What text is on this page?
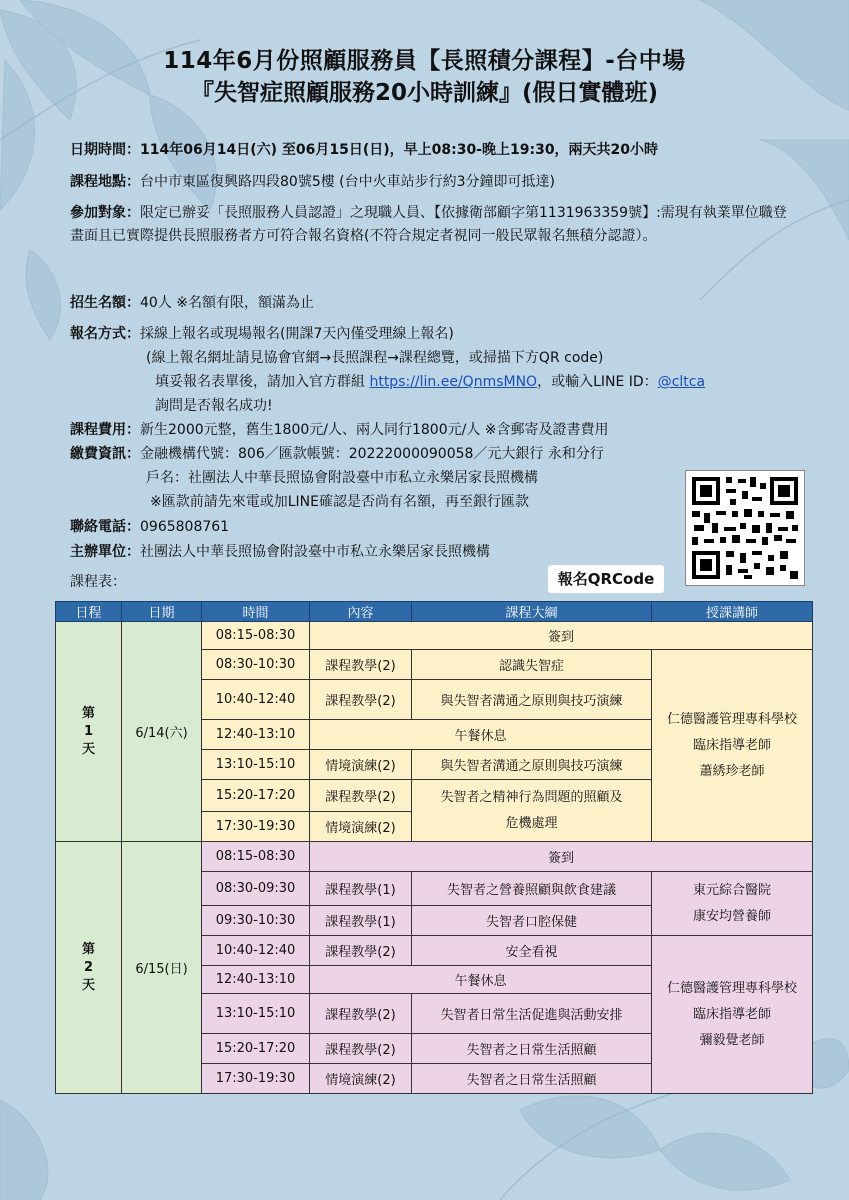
114年6月份照顧服務員【長照積分課程】-台中場
『失智症照顧服務20小時訓練』(假日實體班)
日期時間：114年06月14日(六) 至06月15日(日)，早上08:30-晚上19:30，兩天共20小時
課程地點：台中市東區復興路四段80號5樓 (台中火車站步行約3分鐘即可抵達)
參加對象：限定已辦妥「長照服務人員認證」之現職人員、【依據衛部顧字第1131963359號】:需現有執業單位職登畫面且已實際提供長照服務者方可符合報名資格(不符合規定者視同一般民眾報名無積分認證）。
招生名額：40人 ※名額有限，額滿為止
報名方式：採線上報名或現場報名(開課7天內僅受理線上報名)
(線上報名網址請見協會官網→長照課程→課程總覽，或掃描下方QR code)
填妥報名表單後，請加入官方群組 https://lin.ee/QnmsMNO，或輸入LINE ID：@cltca
詢問是否報名成功!
課程費用：新生2000元整，舊生1800元/人、兩人同行1800元/人 ※含郵寄及證書費用
繳費資訊：金融機構代號：806／匯款帳號：20222000090058／元大銀行 永和分行
戶名：社團法人中華長照協會附設臺中市私立永樂居家長照機構
※匯款前請先來電或加LINE確認是否尚有名額，再至銀行匯款
聯絡電話：0965808761
主辦單位：社團法人中華長照協會附設臺中市私立永樂居家長照機構
課程表：	報名QRCode
日程	日期	時間	內容	課程大綱	授課講師

第
1
天	6/14(六)	08:15-08:30	簽到		
		08:30-10:30	課程教學(2)	認識失智症	仁德醫護管理專科學校
臨床指導老師
蕭綉珍老師

		10:40-12:40	課程教學(2)	與失智者溝通之原則與技巧演練	
		12:40-13:10	午餐休息		
		13:10-15:10	情境演練(2)	與失智者溝通之原則與技巧演練	
		15:20-17:20	課程教學(2)	失智者之精神行為問題的照顧及
危機處理	

		17:30-19:30	情境演練(2)		

第
2
天	6/15(日)	08:15-08:30	簽到		
		08:30-09:30	課程教學(1)	失智者之營養照顧與飲食建議	東元綜合醫院
康安均營養師

		09:30-10:30	課程教學(1)	失智者口腔保健	
		10:40-12:40	課程教學(2)	安全看視	仁德醫護管理專科學校
臨床指導老師
彌毅覺老師

		12:40-13:10	午餐休息		
		13:10-15:10	課程教學(2)	失智者日常生活促進與活動安排	
		15:20-17:20	課程教學(2)	失智者之日常生活照顧	
		17:30-19:30	情境演練(2)	失智者之日常生活照顧	
